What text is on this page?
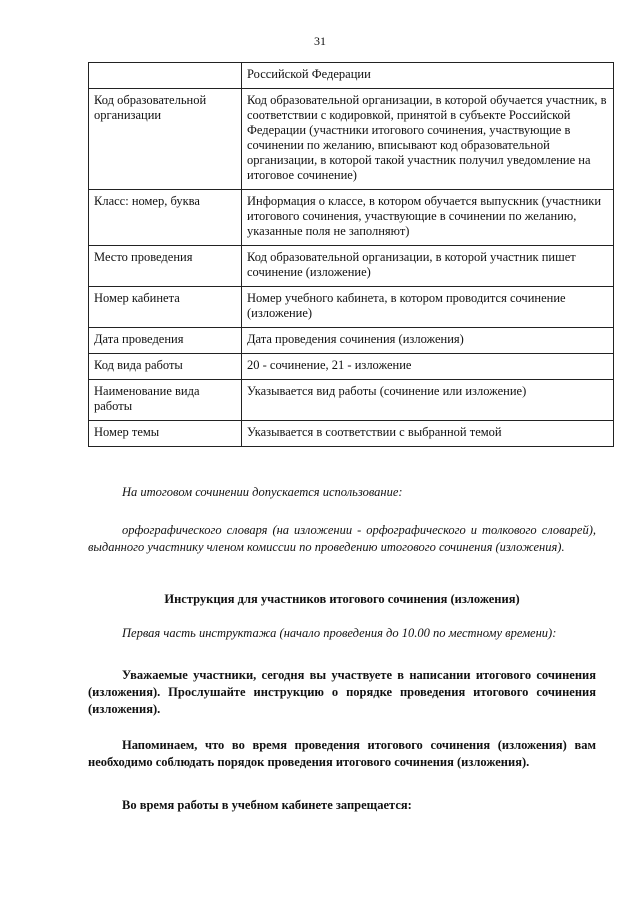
31
	Российской Федерации
Код образовательной организации	Код образовательной организации, в которой обучается участник, в соответствии с кодировкой, принятой в субъекте Российской Федерации (участники итогового сочинения, участвующие в сочинении по желанию, вписывают код образовательной организации, в которой такой участник получил уведомление на итоговое сочинение)
Класс: номер, буква	Информация о классе, в котором обучается выпускник (участники итогового сочинения, участвующие в сочинении по желанию, указанные поля не заполняют)
Место проведения	Код образовательной организации, в которой участник пишет сочинение (изложение)
Номер кабинета	Номер учебного кабинета, в котором проводится сочинение (изложение)
Дата проведения	Дата проведения сочинения (изложения)
Код вида работы	20 - сочинение, 21 - изложение
Наименование вида работы	Указывается вид работы (сочинение или изложение)
Номер темы	Указывается в соответствии с выбранной темой

На итоговом сочинении допускается использование:

орфографического словаря (на изложении - орфографического и толкового словарей), выданного участнику членом комиссии по проведению итогового сочинения (изложения).

Инструкция для участников итогового сочинения (изложения)

Первая часть инструктажа (начало проведения до 10.00 по местному времени):

Уважаемые участники, сегодня вы участвуете в написании итогового сочинения (изложения). Прослушайте инструкцию о порядке проведения итогового сочинения (изложения).

Напоминаем, что во время проведения итогового сочинения (изложения) вам необходимо соблюдать порядок проведения итогового сочинения (изложения).

Во время работы в учебном кабинете запрещается:
